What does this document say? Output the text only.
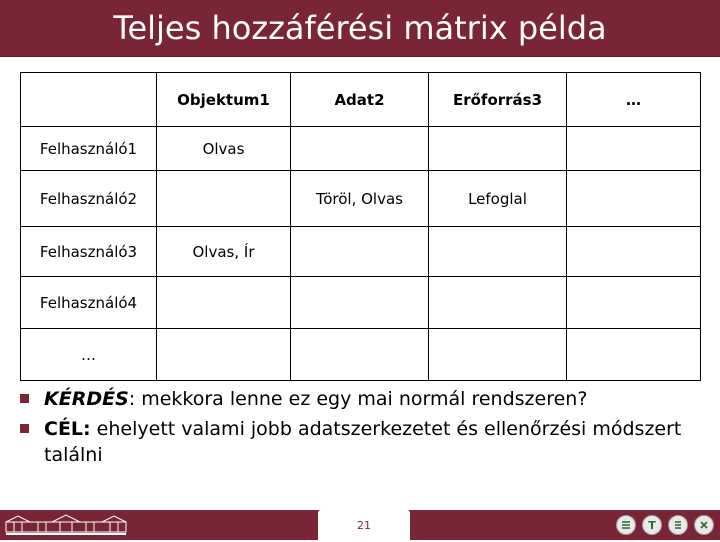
Teljes hozzáférési mátrix példa
	Objektum1	Adat2	Erőforrás3	…
Felhasználó1	Olvas			
Felhasználó2		Töröl, Olvas	Lefoglal	
Felhasználó3	Olvas, Ír			
Felhasználó4				
…				
KÉRDÉS: mekkora lenne ez egy mai normál rendszeren?
CÉL: ehelyett valami jobb adatszerkezetet és ellenőrzési módszert találni
21	T
